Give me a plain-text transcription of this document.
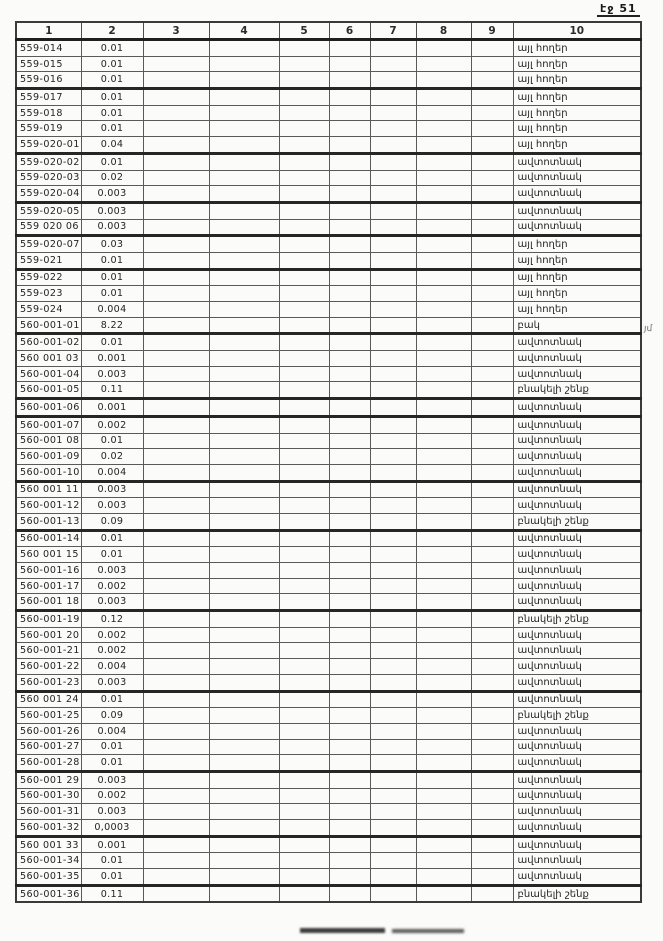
էջ 51
1	2	3	4	5	6	7	8	9	10
559-014	0.01								այլ հողեր
559-015	0.01								այլ հողեր
559-016	0.01								այլ հողեր
559-017	0.01								այլ հողեր
559-018	0.01								այլ հողեր
559-019	0.01								այլ հողեր
559-020-01	0.04								այլ հողեր
559-020-02	0.01								ավտոտնակ
559-020-03	0.02								ավտոտնակ
559-020-04	0.003								ավտոտնակ
559-020-05	0.003								ավտոտնակ
559 020 06	0.003								ավտոտնակ
559-020-07	0.03								այլ հողեր
559-021	0.01								այլ հողեր
559-022	0.01								այլ հողեր
559-023	0.01								այլ հողեր
559-024	0.004								այլ հողեր
560-001-01	8.22								բակ
560-001-02	0.01								ավտոտնակ
560 001 03	0.001								ավտոտնակ
560-001-04	0.003								ավտոտնակ
560-001-05	0.11								բնակելի շենք
560-001-06	0.001								ավտոտնակ
560-001-07	0.002								ավտոտնակ
560-001 08	0.01								ավտոտնակ
560-001-09	0.02								ավտոտնակ
560-001-10	0.004								ավտոտնակ
560 001 11	0.003								ավտոտնակ
560-001-12	0.003								ավտոտնակ
560-001-13	0.09								բնակելի շենք
560-001-14	0.01								ավտոտնակ
560 001 15	0.01								ավտոտնակ
560-001-16	0.003								ավտոտնակ
560-001-17	0.002								ավտոտնակ
560-001 18	0.003								ավտոտնակ
560-001-19	0.12								բնակելի շենք
560-001 20	0.002								ավտոտնակ
560-001-21	0.002								ավտոտնակ
560-001-22	0.004								ավտոտնակ
560-001-23	0.003								ավտոտնակ
560 001 24	0.01								ավտոտնակ
560-001-25	0.09								բնակելի շենք
560-001-26	0.004								ավտոտնակ
560-001-27	0.01								ավտոտնակ
560-001-28	0.01								ավտոտնակ
560-001 29	0.003								ավտոտնակ
560-001-30	0.002								ավտոտնակ
560-001-31	0.003								ավտոտնակ
560-001-32	0,0003								ավտոտնակ
560 001 33	0.001								ավտոտնակ
560-001-34	0.01								ավտոտնակ
560-001-35	0.01								ավտոտնակ
560-001-36	0.11								բնակելի շենք
յմ
